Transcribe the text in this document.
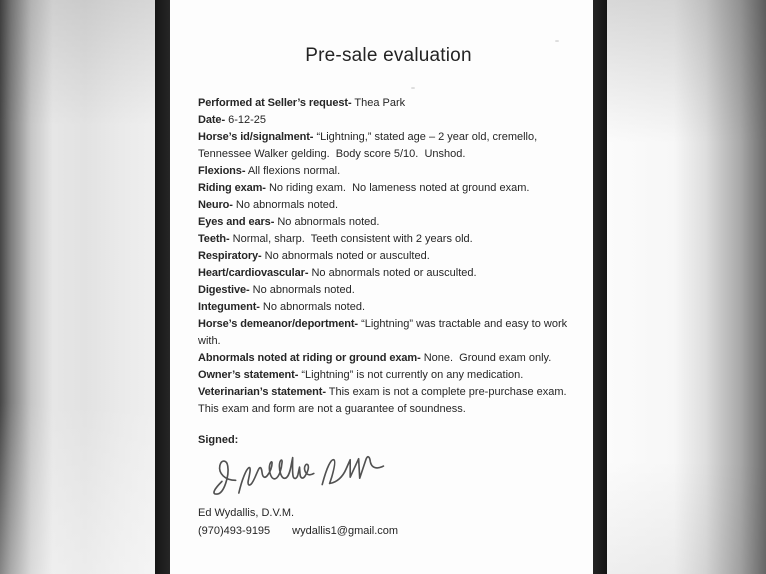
Pre-sale evaluation

Performed at Seller’s request- Thea Park

Date- 6-12-25

Horse’s id/signalment- “Lightning,” stated age – 2 year old, cremello, Tennessee Walker gelding.  Body score 5/10.  Unshod.

Flexions- All flexions normal.

Riding exam- No riding exam.  No lameness noted at ground exam.

Neuro- No abnormals noted.

Eyes and ears- No abnormals noted.

Teeth- Normal, sharp.  Teeth consistent with 2 years old.

Respiratory- No abnormals noted or ausculted.

Heart/cardiovascular- No abnormals noted or ausculted.

Digestive- No abnormals noted.

Integument- No abnormals noted.

Horse’s demeanor/deportment- “Lightning” was tractable and easy to work with.

Abnormals noted at riding or ground exam- None.  Ground exam only.

Owner’s statement- “Lightning” is not currently on any medication.

Veterinarian’s statement- This exam is not a complete pre-purchase exam.  This exam and form are not a guarantee of soundness.

Signed:

Ed Wydallis, D.V.M.

(970)493-9195 wydallis1@gmail.com
